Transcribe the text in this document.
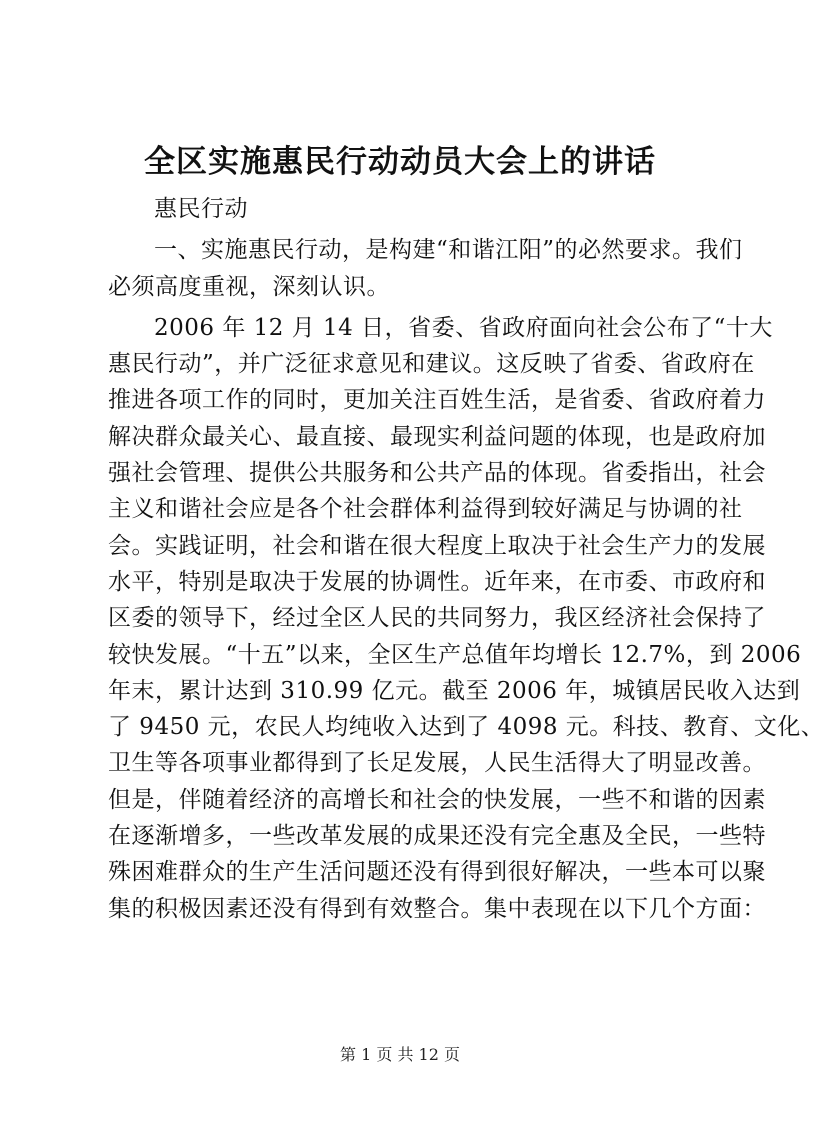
全区实施惠民行动动员大会上的讲话
惠民行动
一、实施惠民行动，是构建“和谐江阳”的必然要求。我们
必须高度重视，深刻认识。
2006 年 12 月 14 日，省委、省政府面向社会公布了“十大
惠民行动”，并广泛征求意见和建议。这反映了省委、省政府在
推进各项工作的同时，更加关注百姓生活，是省委、省政府着力
解决群众最关心、最直接、最现实利益问题的体现，也是政府加
强社会管理、提供公共服务和公共产品的体现。省委指出，社会
主义和谐社会应是各个社会群体利益得到较好满足与协调的社
会。实践证明，社会和谐在很大程度上取决于社会生产力的发展
水平，特别是取决于发展的协调性。近年来，在市委、市政府和
区委的领导下，经过全区人民的共同努力，我区经济社会保持了
较快发展。“十五”以来，全区生产总值年均增长 12.7%，到 2006
年末，累计达到 310.99 亿元。截至 2006 年，城镇居民收入达到
了 9450 元，农民人均纯收入达到了 4098 元。科技、教育、文化、
卫生等各项事业都得到了长足发展，人民生活得大了明显改善。
但是，伴随着经济的高增长和社会的快发展，一些不和谐的因素
在逐渐增多，一些改革发展的成果还没有完全惠及全民，一些特
殊困难群众的生产生活问题还没有得到很好解决，一些本可以聚
集的积极因素还没有得到有效整合。集中表现在以下几个方面：
第 1 页 共 12 页
